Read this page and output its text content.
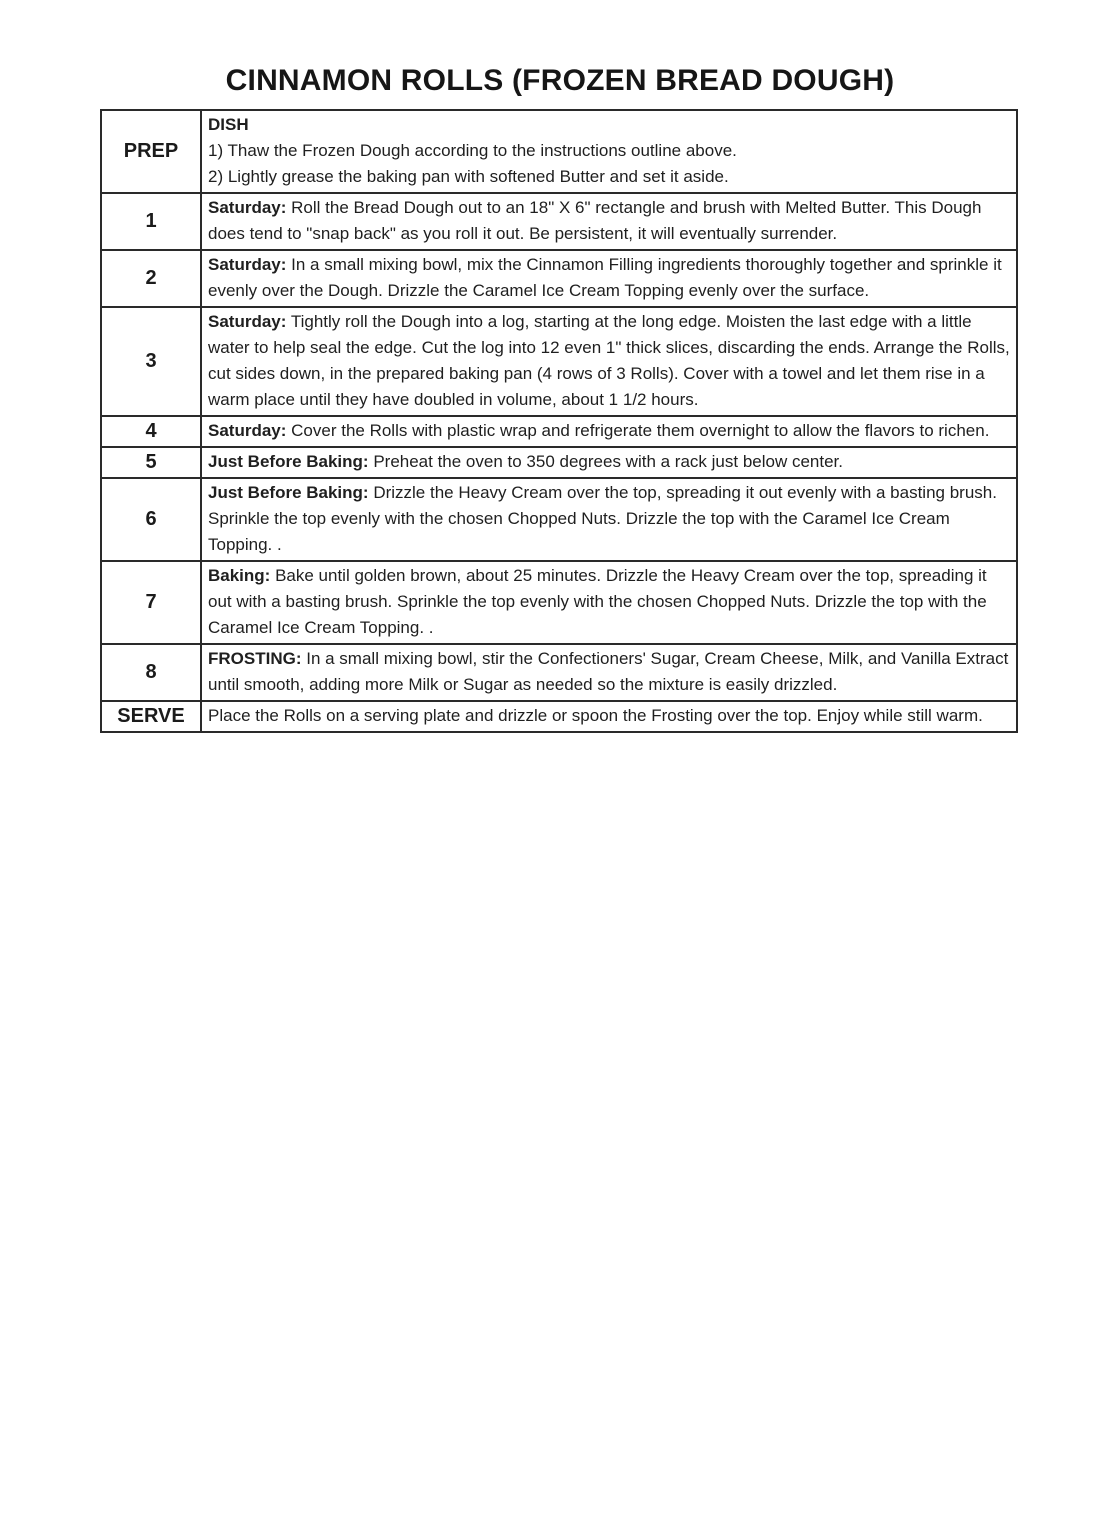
CINNAMON ROLLS (FROZEN BREAD DOUGH)
PREP	DISH
1) Thaw the Frozen Dough according to the instructions outline above.
2) Lightly grease the baking pan with softened Butter and set it aside.

1	Saturday: Roll the Bread Dough out to an 18" X 6" rectangle and brush with Melted Butter. This Dough does tend to "snap back" as you roll it out. Be persistent, it will eventually surrender.

2	Saturday: In a small mixing bowl, mix the Cinnamon Filling ingredients thoroughly together and sprinkle it evenly over the Dough. Drizzle the Caramel Ice Cream Topping evenly over the surface.

3	Saturday: Tightly roll the Dough into a log, starting at the long edge. Moisten the last edge with a little water to help seal the edge. Cut the log into 12 even 1" thick slices, discarding the ends. Arrange the Rolls, cut sides down, in the prepared baking pan (4 rows of 3 Rolls). Cover with a towel and let them rise in a warm place until they have doubled in volume, about 1 1/2 hours.

4	Saturday: Cover the Rolls with plastic wrap and refrigerate them overnight to allow the flavors to richen.

5	Just Before Baking: Preheat the oven to 350 degrees with a rack just below center.

6	Just Before Baking: Drizzle the Heavy Cream over the top, spreading it out evenly with a basting brush. Sprinkle the top evenly with the chosen Chopped Nuts. Drizzle the top with the Caramel Ice Cream Topping. .

7	Baking: Bake until golden brown, about 25 minutes. Drizzle the Heavy Cream over the top, spreading it out with a basting brush. Sprinkle the top evenly with the chosen Chopped Nuts. Drizzle the top with the Caramel Ice Cream Topping. .

8	FROSTING: In a small mixing bowl, stir the Confectioners' Sugar, Cream Cheese, Milk, and Vanilla Extract until smooth, adding more Milk or Sugar as needed so the mixture is easily drizzled.

SERVE	Place the Rolls on a serving plate and drizzle or spoon the Frosting over the top. Enjoy while still warm.
